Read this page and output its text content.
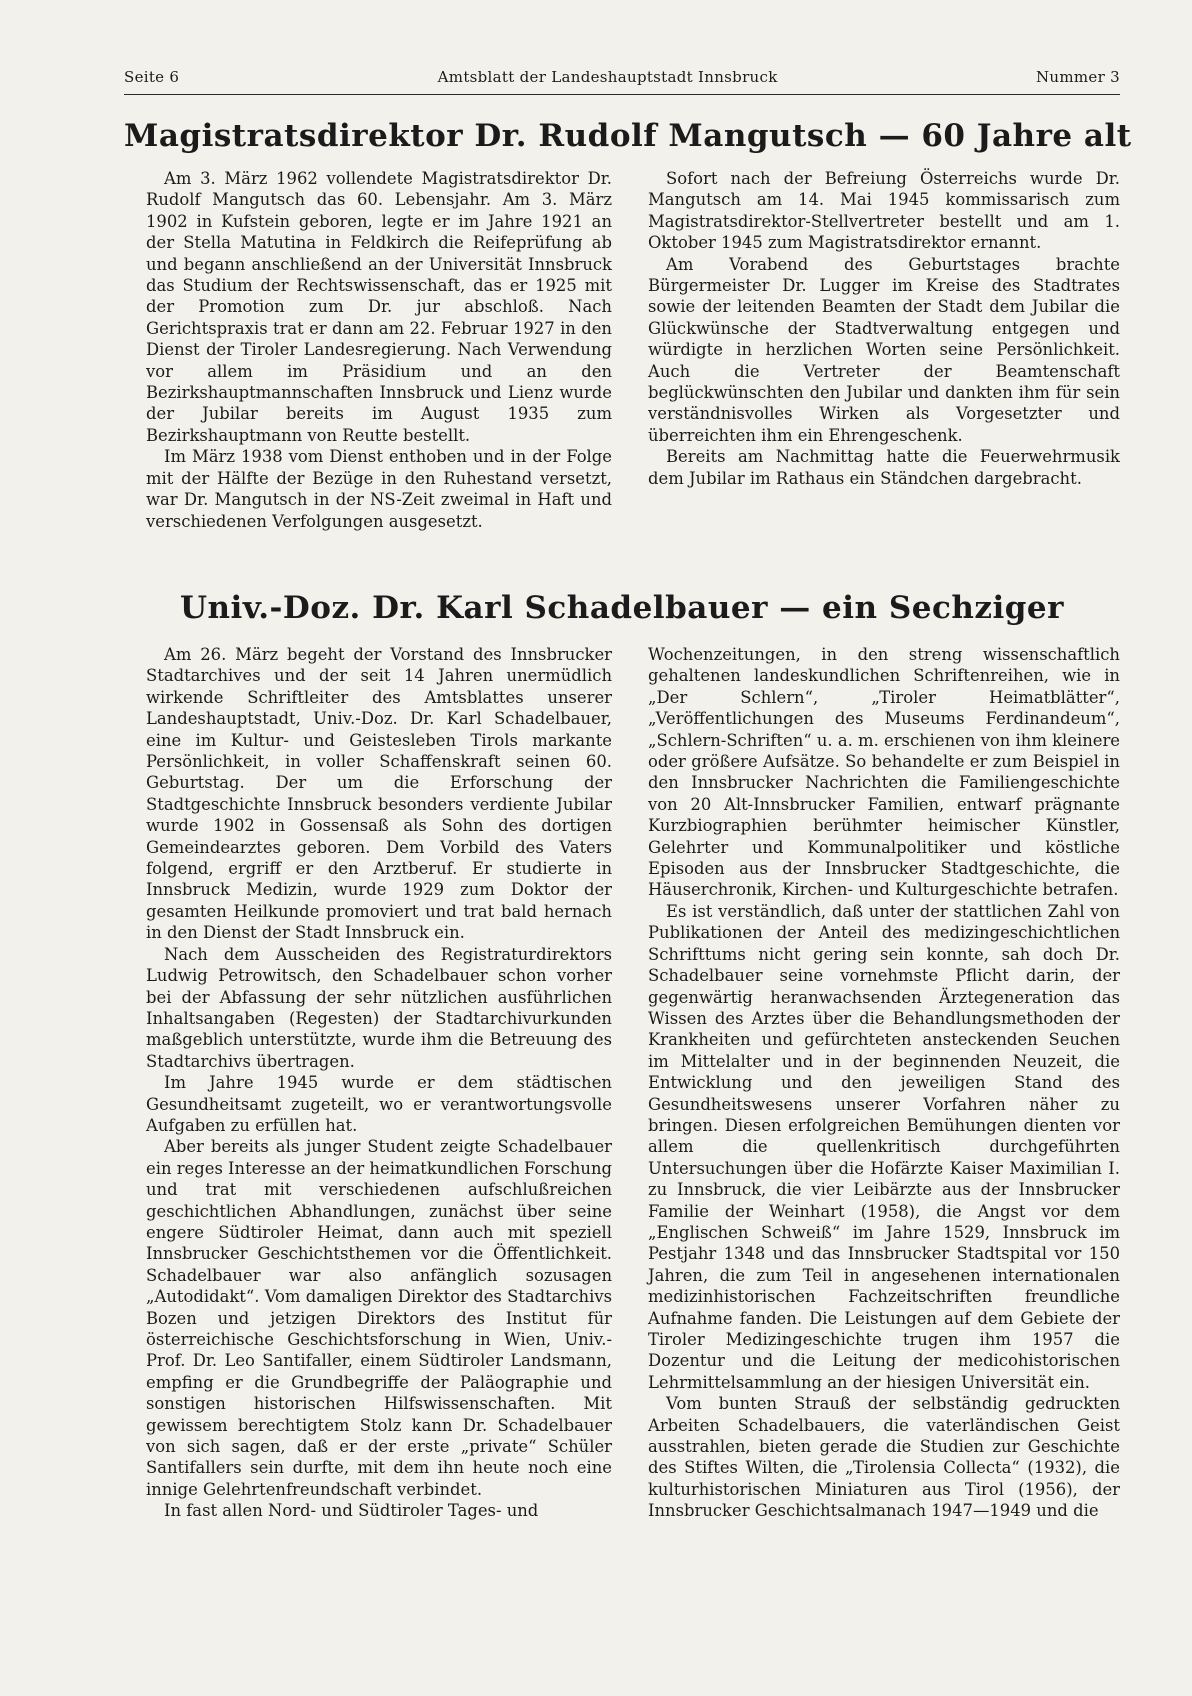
Seite 6	Amtsblatt der Landeshauptstadt Innsbruck	Nummer 3
Magistratsdirektor Dr. Rudolf Mangutsch — 60 Jahre alt

Am 3. März 1962 vollendete Magistratsdirektor Dr. Rudolf Mangutsch das 60. Lebensjahr. Am 3. März 1902 in Kufstein geboren, legte er im Jahre 1921 an der Stella Matutina in Feldkirch die Reifeprüfung ab und begann anschließend an der Universität Innsbruck das Studium der Rechtswissenschaft, das er 1925 mit der Promotion zum Dr. jur abschloß. Nach Gerichtspraxis trat er dann am 22. Februar 1927 in den Dienst der Tiroler Landesregierung. Nach Verwendung vor allem im Präsidium und an den Bezirkshauptmannschaften Innsbruck und Lienz wurde der Jubilar bereits im August 1935 zum Bezirkshauptmann von Reutte bestellt.

Im März 1938 vom Dienst enthoben und in der Folge mit der Hälfte der Bezüge in den Ruhestand versetzt, war Dr. Mangutsch in der NS-Zeit zweimal in Haft und verschiedenen Verfolgungen ausgesetzt.

Sofort nach der Befreiung Österreichs wurde Dr. Mangutsch am 14. Mai 1945 kommissarisch zum Magistratsdirektor-Stellvertreter bestellt und am 1. Oktober 1945 zum Magistratsdirektor ernannt.

Am Vorabend des Geburtstages brachte Bürgermeister Dr. Lugger im Kreise des Stadtrates sowie der leitenden Beamten der Stadt dem Jubilar die Glückwünsche der Stadtverwaltung entgegen und würdigte in herzlichen Worten seine Persönlichkeit. Auch die Vertreter der Beamtenschaft beglückwünschten den Jubilar und dankten ihm für sein verständnisvolles Wirken als Vorgesetzter und überreichten ihm ein Ehrengeschenk.

Bereits am Nachmittag hatte die Feuerwehrmusik dem Jubilar im Rathaus ein Ständchen dargebracht.

Univ.-Doz. Dr. Karl Schadelbauer — ein Sechziger

Am 26. März begeht der Vorstand des Innsbrucker Stadtarchives und der seit 14 Jahren unermüdlich wirkende Schriftleiter des Amtsblattes unserer Landeshauptstadt, Univ.-Doz. Dr. Karl Schadelbauer, eine im Kultur- und Geistesleben Tirols markante Persönlichkeit, in voller Schaffenskraft seinen 60. Geburtstag. Der um die Erforschung der Stadtgeschichte Innsbruck besonders verdiente Jubilar wurde 1902 in Gossensaß als Sohn des dortigen Gemeindearztes geboren. Dem Vorbild des Vaters folgend, ergriff er den Arztberuf. Er studierte in Innsbruck Medizin, wurde 1929 zum Doktor der gesamten Heilkunde promoviert und trat bald hernach in den Dienst der Stadt Innsbruck ein.

Nach dem Ausscheiden des Registraturdirektors Ludwig Petrowitsch, den Schadelbauer schon vorher bei der Abfassung der sehr nützlichen ausführlichen Inhaltsangaben (Regesten) der Stadtarchivurkunden maßgeblich unterstützte, wurde ihm die Betreuung des Stadtarchivs übertragen.

Im Jahre 1945 wurde er dem städtischen Gesundheitsamt zugeteilt, wo er verantwortungsvolle Aufgaben zu erfüllen hat.

Aber bereits als junger Student zeigte Schadelbauer ein reges Interesse an der heimatkundlichen Forschung und trat mit verschiedenen aufschlußreichen geschichtlichen Abhandlungen, zunächst über seine engere Südtiroler Heimat, dann auch mit speziell Innsbrucker Geschichtsthemen vor die Öffentlichkeit. Schadelbauer war also anfänglich sozusagen „Autodidakt“. Vom damaligen Direktor des Stadtarchivs Bozen und jetzigen Direktors des Institut für österreichische Geschichtsforschung in Wien, Univ.-Prof. Dr. Leo Santifaller, einem Südtiroler Landsmann, empfing er die Grundbegriffe der Paläographie und sonstigen historischen Hilfswissenschaften. Mit gewissem berechtigtem Stolz kann Dr. Schadelbauer von sich sagen, daß er der erste „private“ Schüler Santifallers sein durfte, mit dem ihn heute noch eine innige Gelehrtenfreundschaft verbindet.

In fast allen Nord- und Südtiroler Tages- und

Wochenzeitungen, in den streng wissenschaftlich gehaltenen landeskundlichen Schriftenreihen, wie in „Der Schlern“, „Tiroler Heimatblätter“, „Veröffentlichungen des Museums Ferdinandeum“, „Schlern-Schriften“ u. a. m. erschienen von ihm kleinere oder größere Aufsätze. So behandelte er zum Beispiel in den Innsbrucker Nachrichten die Familiengeschichte von 20 Alt-Innsbrucker Familien, entwarf prägnante Kurzbiographien berühmter heimischer Künstler, Gelehrter und Kommunalpolitiker und köstliche Episoden aus der Innsbrucker Stadtgeschichte, die Häuserchronik, Kirchen- und Kulturgeschichte betrafen.

Es ist verständlich, daß unter der stattlichen Zahl von Publikationen der Anteil des medizingeschichtlichen Schrifttums nicht gering sein konnte, sah doch Dr. Schadelbauer seine vornehmste Pflicht darin, der gegenwärtig heranwachsenden Ärztegeneration das Wissen des Arztes über die Behandlungsmethoden der Krankheiten und gefürchteten ansteckenden Seuchen im Mittelalter und in der beginnenden Neuzeit, die Entwicklung und den jeweiligen Stand des Gesundheitswesens unserer Vorfahren näher zu bringen. Diesen erfolgreichen Bemühungen dienten vor allem die quellenkritisch durchgeführten Untersuchungen über die Hofärzte Kaiser Maximilian I. zu Innsbruck, die vier Leibärzte aus der Innsbrucker Familie der Weinhart (1958), die Angst vor dem „Englischen Schweiß“ im Jahre 1529, Innsbruck im Pestjahr 1348 und das Innsbrucker Stadtspital vor 150 Jahren, die zum Teil in angesehenen internationalen medizinhistorischen Fachzeitschriften freundliche Aufnahme fanden. Die Leistungen auf dem Gebiete der Tiroler Medizingeschichte trugen ihm 1957 die Dozentur und die Leitung der medicohistorischen Lehrmittelsammlung an der hiesigen Universität ein.

Vom bunten Strauß der selbständig gedruckten Arbeiten Schadelbauers, die vaterländischen Geist ausstrahlen, bieten gerade die Studien zur Geschichte des Stiftes Wilten, die „Tirolensia Collecta“ (1932), die kulturhistorischen Miniaturen aus Tirol (1956), der Innsbrucker Geschichtsalmanach 1947—1949 und die
